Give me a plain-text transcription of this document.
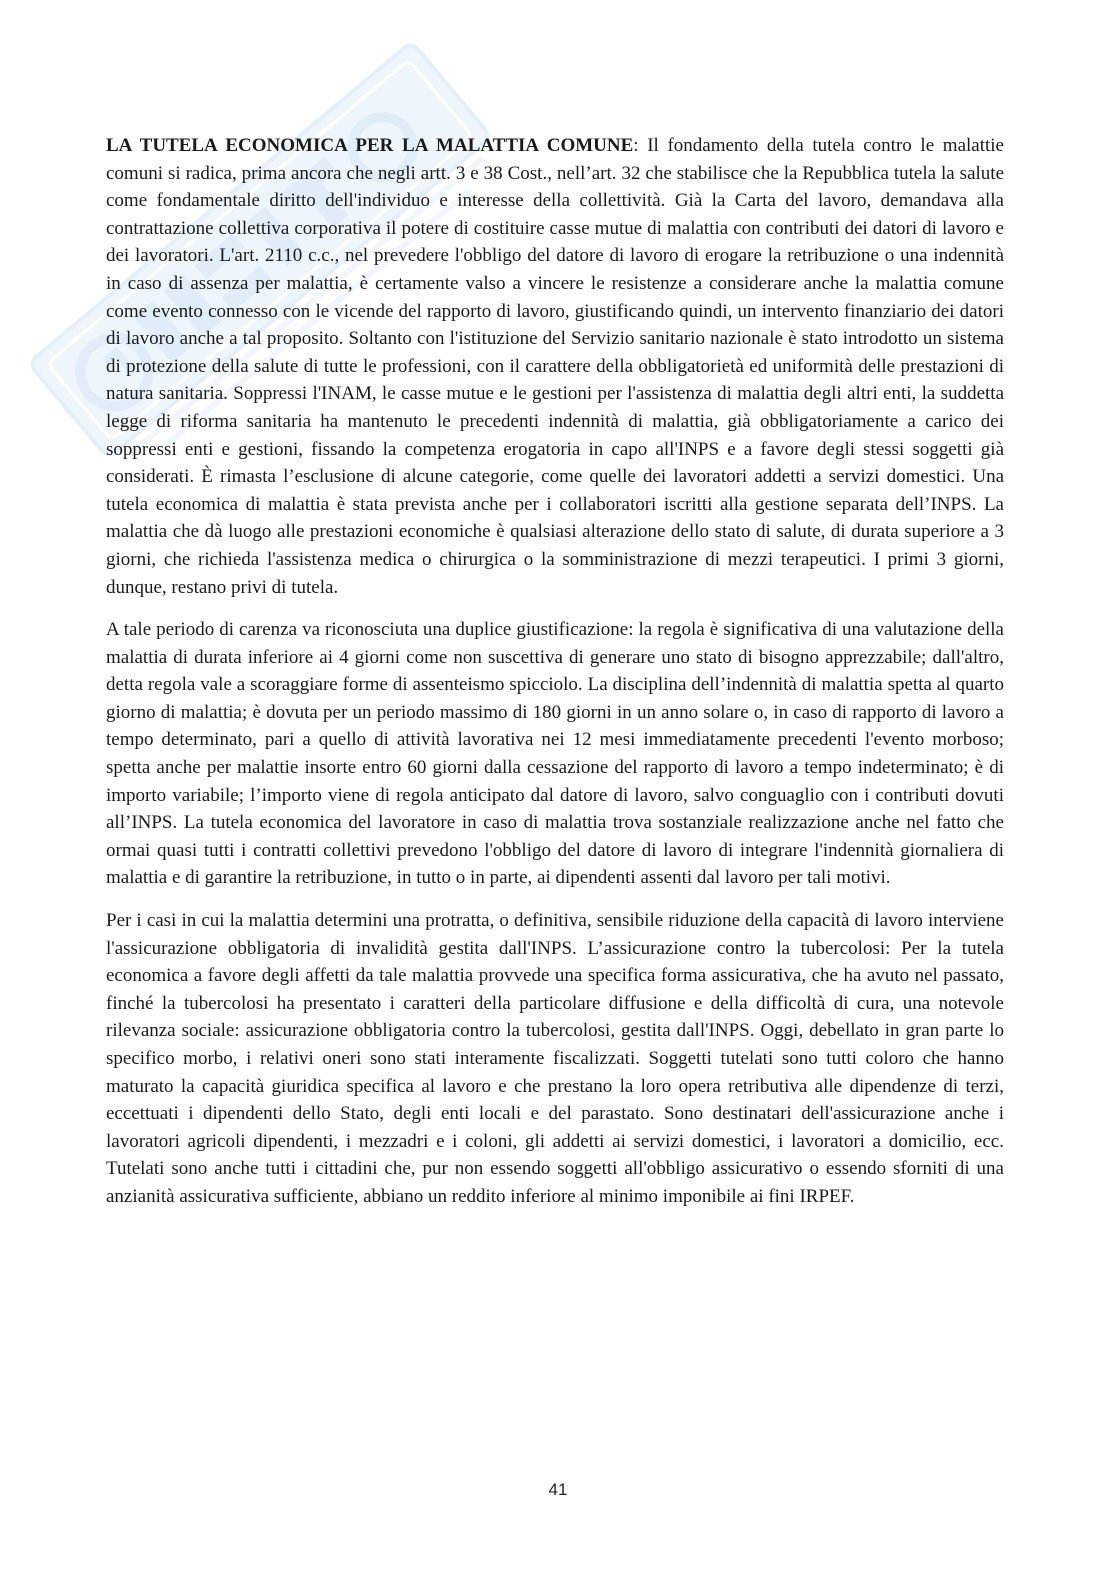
LA TUTELA ECONOMICA PER LA MALATTIA COMUNE: Il fondamento della tutela contro le malattie comuni si radica, prima ancora che negli artt. 3 e 38 Cost., nell’art. 32 che stabilisce che la Repubblica tutela la salute come fondamentale diritto dell'individuo e interesse della collettività. Già la Carta del lavoro, demandava alla contrattazione collettiva corporativa il potere di costituire casse mutue di malattia con contributi dei datori di lavoro e dei lavoratori. L'art. 2110 c.c., nel prevedere l'obbligo del datore di lavoro di erogare la retribuzione o una indennità in caso di assenza per malattia, è certamente valso a vincere le resistenze a considerare anche la malattia comune come evento connesso con le vicende del rapporto di lavoro, giustificando quindi, un intervento finanziario dei datori di lavoro anche a tal proposito. Soltanto con l'istituzione del Servizio sanitario nazionale è stato introdotto un sistema di protezione della salute di tutte le professioni, con il carattere della obbligatorietà ed uniformità delle prestazioni di natura sanitaria. Soppressi l'INAM, le casse mutue e le gestioni per l'assistenza di malattia degli altri enti, la suddetta legge di riforma sanitaria ha mantenuto le precedenti indennità di malattia, già obbligatoriamente a carico dei soppressi enti e gestioni, fissando la competenza erogatoria in capo all'INPS e a favore degli stessi soggetti già considerati. È rimasta l’esclusione di alcune categorie, come quelle dei lavoratori addetti a servizi domestici. Una tutela economica di malattia è stata prevista anche per i collaboratori iscritti alla gestione separata dell’INPS. La malattia che dà luogo alle prestazioni economiche è qualsiasi alterazione dello stato di salute, di durata superiore a 3 giorni, che richieda l'assistenza medica o chirurgica o la somministrazione di mezzi terapeutici. I primi 3 giorni, dunque, restano privi di tutela.

A tale periodo di carenza va riconosciuta una duplice giustificazione: la regola è significativa di una valutazione della malattia di durata inferiore ai 4 giorni come non suscettiva di generare uno stato di bisogno apprezzabile; dall'altro, detta regola vale a scoraggiare forme di assenteismo spicciolo. La disciplina dell’indennità di malattia spetta al quarto giorno di malattia; è dovuta per un periodo massimo di 180 giorni in un anno solare o, in caso di rapporto di lavoro a tempo determinato, pari a quello di attività lavorativa nei 12 mesi immediatamente precedenti l'evento morboso; spetta anche per malattie insorte entro 60 giorni dalla cessazione del rapporto di lavoro a tempo indeterminato; è di importo variabile; l’importo viene di regola anticipato dal datore di lavoro, salvo conguaglio con i contributi dovuti all’INPS. La tutela economica del lavoratore in caso di malattia trova sostanziale realizzazione anche nel fatto che ormai quasi tutti i contratti collettivi prevedono l'obbligo del datore di lavoro di integrare l'indennità giornaliera di malattia e di garantire la retribuzione, in tutto o in parte, ai dipendenti assenti dal lavoro per tali motivi.

Per i casi in cui la malattia determini una protratta, o definitiva, sensibile riduzione della capacità di lavoro interviene l'assicurazione obbligatoria di invalidità gestita dall'INPS. L’assicurazione contro la tubercolosi: Per la tutela economica a favore degli affetti da tale malattia provvede una specifica forma assicurativa, che ha avuto nel passato, finché la tubercolosi ha presentato i caratteri della particolare diffusione e della difficoltà di cura, una notevole rilevanza sociale: assicurazione obbligatoria contro la tubercolosi, gestita dall'INPS. Oggi, debellato in gran parte lo specifico morbo, i relativi oneri sono stati interamente fiscalizzati. Soggetti tutelati sono tutti coloro che hanno maturato la capacità giuridica specifica al lavoro e che prestano la loro opera retributiva alle dipendenze di terzi, eccettuati i dipendenti dello Stato, degli enti locali e del parastato. Sono destinatari dell'assicurazione anche i lavoratori agricoli dipendenti, i mezzadri e i coloni, gli addetti ai servizi domestici, i lavoratori a domicilio, ecc. Tutelati sono anche tutti i cittadini che, pur non essendo soggetti all'obbligo assicurativo o essendo sforniti di una anzianità assicurativa sufficiente, abbiano un reddito inferiore al minimo imponibile ai fini IRPEF.

41
